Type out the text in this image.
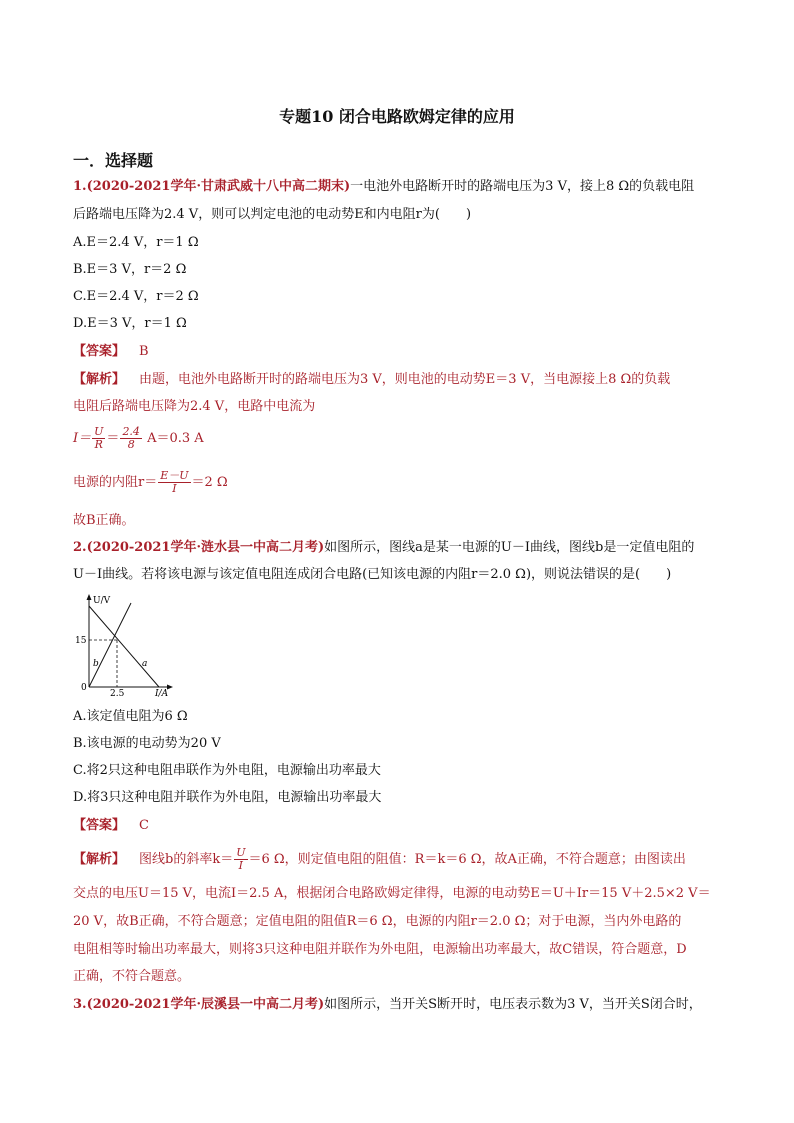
专题10 闭合电路欧姆定律的应用
一．选择题
1.(2020-2021学年·甘肃武威十八中高二期末)一电池外电路断开时的路端电压为3 V，接上8 Ω的负载电阻
后路端电压降为2.4 V，则可以判定电池的电动势E和内电阻r为(　　)
A.E＝2.4 V，r＝1 Ω
B.E＝3 V，r＝2 Ω
C.E＝2.4 V，r＝2 Ω
D.E＝3 V，r＝1 Ω
【答案】 B
【解析】 由题，电池外电路断开时的路端电压为3 V，则电池的电动势E＝3 V，当电源接上8 Ω的负载
电阻后路端电压降为2.4 V，电路中电流为
$I= \frac{U}{R} = \frac{2.4}{8} A=0.3$ A
电源的内阻$r= \frac{E-U}{I} =2$ Ω
故B正确。
2.(2020-2021学年·涟水县一中高二月考)如图所示，图线a是某一电源的U－I曲线，图线b是一定值电阻的
U－I曲线。若将该电源与该定值电阻连成闭合电路(已知该电源的内阻r＝2.0 Ω)，则说法错误的是(　　)
U/V
I/A
15
2.5
0
a
b
A.该定值电阻为6 Ω
B.该电源的电动势为20 V
C.将2只这种电阻串联作为外电阻，电源输出功率最大
D.将3只这种电阻并联作为外电阻，电源输出功率最大
【答案】 C
【解析】 图线b的斜率$k= \frac{U}{I} =6$ Ω，则定值电阻的阻值：R＝k＝6 Ω，故A正确，不符合题意；由图读出
交点的电压U＝15 V，电流I＝2.5 A，根据闭合电路欧姆定律得，电源的电动势E＝U＋Ir＝15 V＋2.5×2 V＝
20 V，故B正确，不符合题意；定值电阻的阻值R＝6 Ω，电源的内阻r＝2.0 Ω；对于电源，当内外电路的
电阻相等时输出功率最大，则将3只这种电阻并联作为外电阻，电源输出功率最大，故C错误，符合题意，D
正确，不符合题意。
3.(2020-2021学年·辰溪县一中高二月考)如图所示，当开关S断开时，电压表示数为3 V，当开关S闭合时，
